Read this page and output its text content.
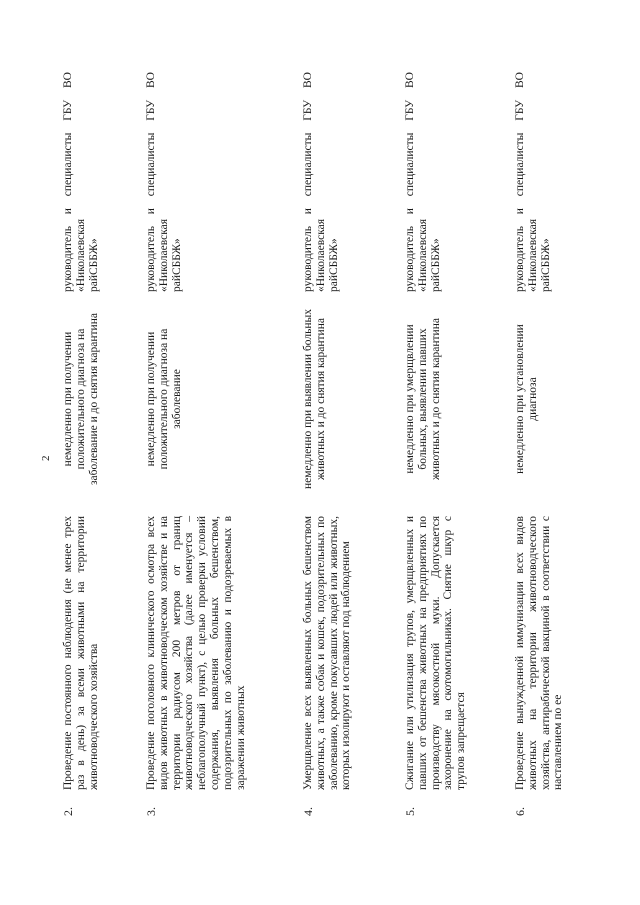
2
2.
Проведение постоянного наблюдения (не менее трех раз в день) за всеми животными на территории животноводческого хозяйства
немедленно при получении положительного диагноза на заболевание и до снятия карантина
руководитель и специалисты ГБУ ВО «Николаевская райСББЖ»
3.
Проведение поголовного клинического осмотра всех видов животных в животноводческом хозяйстве и на территории радиусом 200 метров от границ животноводческого хозяйства (далее именуется – неблагополучный пункт), с целью проверки условий содержания, выявления больных бешенством, подозрительных по заболеванию и подозреваемых в заражении животных
немедленно при получении положительного диагноза на заболевание
руководитель и специалисты ГБУ ВО «Николаевская райСББЖ»
4.
Умерщвление всех выявленных больных бешенством животных, а также собак и кошек, подозрительных по заболеванию, кроме покусавших людей или животных, которых изолируют и оставляют под наблюдением
немедленно при выявлении больных животных и до снятия карантина
руководитель и специалисты ГБУ ВО «Николаевская райСББЖ»
5.
Сжигание или утилизация трупов, умерщвленных и павших от бешенства животных на предприятиях по производству мясокостной муки. Допускается захоронение на скотомогильниках. Снятие шкур с трупов запрещается
немедленно при умерщвлении больных, выявлении павших животных и до снятия карантина
руководитель и специалисты ГБУ ВО «Николаевская райСББЖ»
6.
Проведение вынужденной иммунизации всех видов животных на территории животноводческого хозяйства, антирабической вакциной в соответствии с наставлением по ее
немедленно при установлении диагноза
руководитель и специалисты ГБУ ВО «Николаевская райСББЖ»
